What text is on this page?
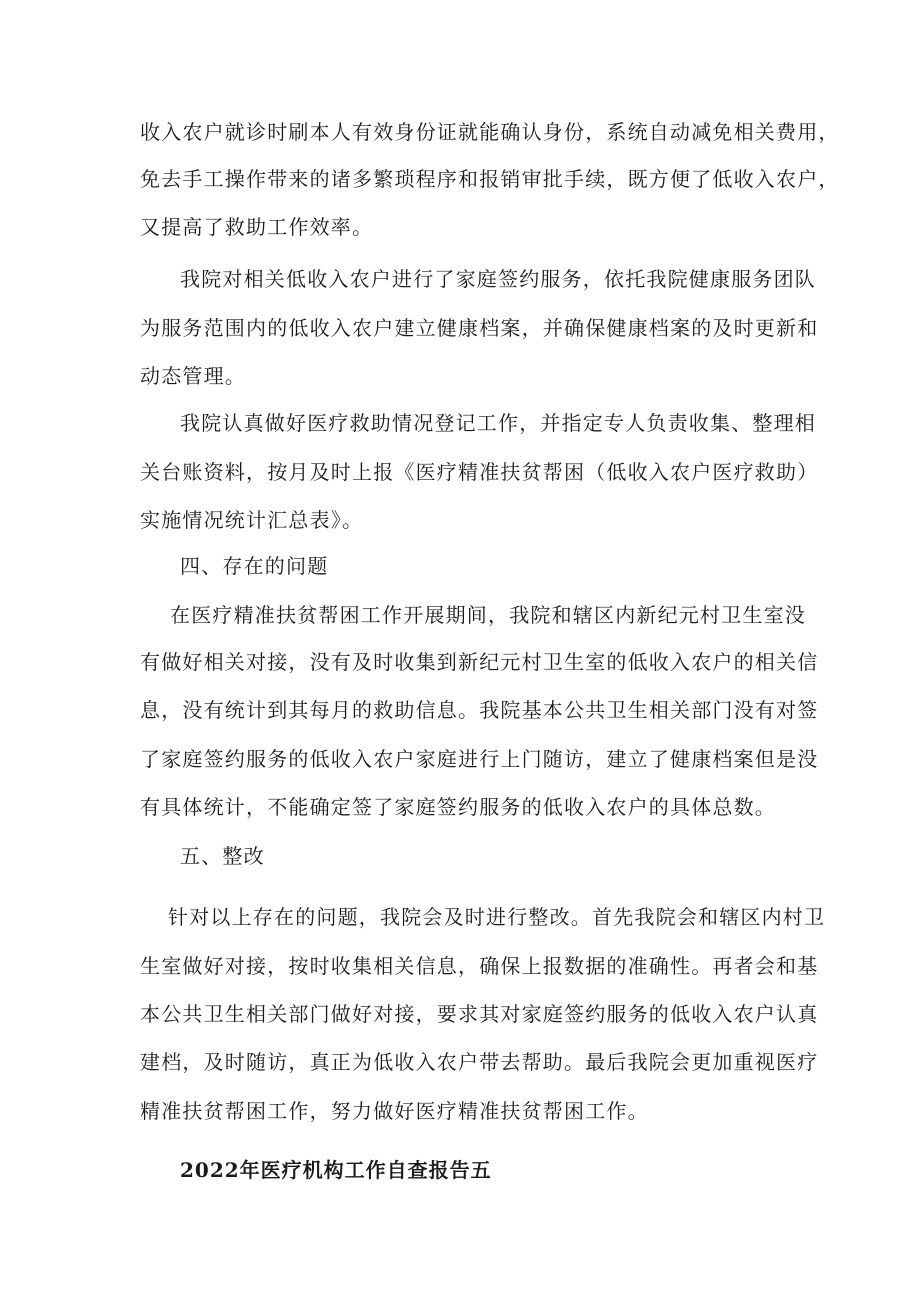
收入农户就诊时刷本人有效身份证就能确认身份，系统自动减免相关费用，
免去手工操作带来的诸多繁琐程序和报销审批手续，既方便了低收入农户，
又提高了救助工作效率。
我院对相关低收入农户进行了家庭签约服务，依托我院健康服务团队
为服务范围内的低收入农户建立健康档案，并确保健康档案的及时更新和
动态管理。
我院认真做好医疗救助情况登记工作，并指定专人负责收集、整理相
关台账资料，按月及时上报《医疗精准扶贫帮困（低收入农户医疗救助）
实施情况统计汇总表》。
四、存在的问题
在医疗精准扶贫帮困工作开展期间，我院和辖区内新纪元村卫生室没
有做好相关对接，没有及时收集到新纪元村卫生室的低收入农户的相关信
息，没有统计到其每月的救助信息。我院基本公共卫生相关部门没有对签
了家庭签约服务的低收入农户家庭进行上门随访，建立了健康档案但是没
有具体统计，不能确定签了家庭签约服务的低收入农户的具体总数。
五、整改
针对以上存在的问题，我院会及时进行整改。首先我院会和辖区内村卫
生室做好对接，按时收集相关信息，确保上报数据的准确性。再者会和基
本公共卫生相关部门做好对接，要求其对家庭签约服务的低收入农户认真
建档，及时随访，真正为低收入农户带去帮助。最后我院会更加重视医疗
精准扶贫帮困工作，努力做好医疗精准扶贫帮困工作。
2022年医疗机构工作自查报告五
